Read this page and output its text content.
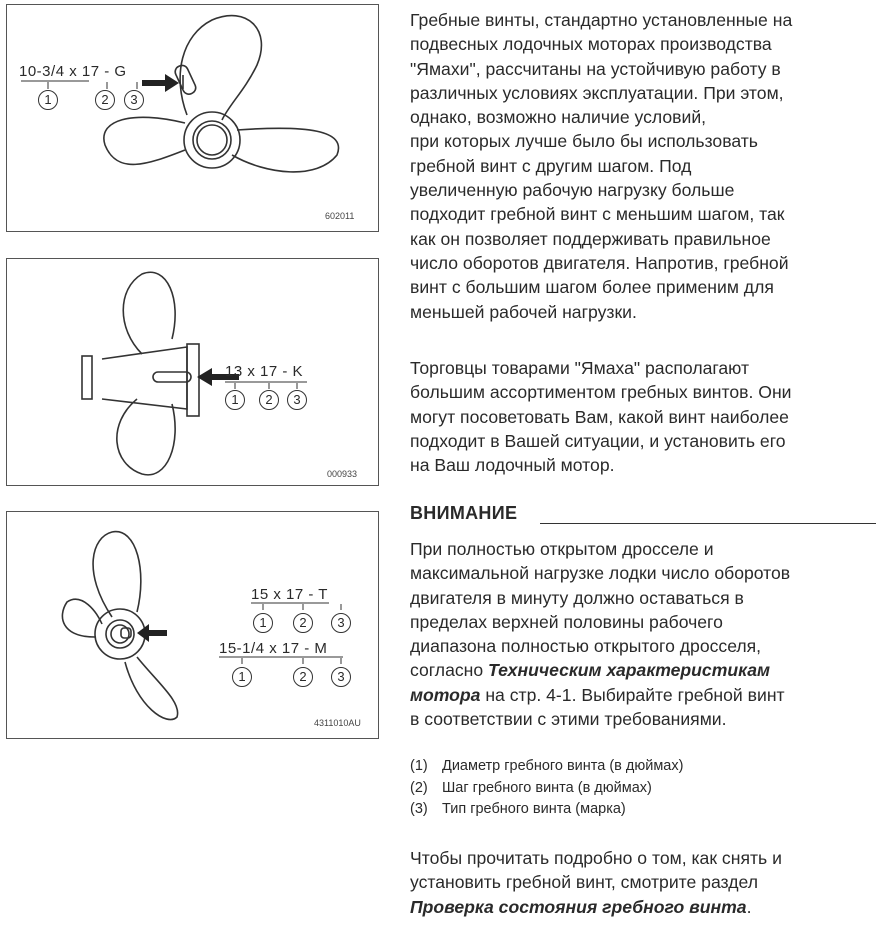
10-3/4 x 17 - G
1	2	3
602011
13 x 17 - K
1	2	3
000933
15 x 17 - T
1	2	3
15-1/4 x 17 - M
1	2	3
4311010AU

Гребные винты, стандартно установленные на

подвесных лодочных моторах производства

"Ямахи", рассчитаны на устойчивую работу в

различных условиях эксплуатации. При этом,

однако, возможно наличие условий,

при которых лучше было бы использовать

гребной винт с другим шагом. Под

увеличенную рабочую нагрузку больше

подходит гребной винт с меньшим шагом, так

как он позволяет поддерживать правильное

число оборотов двигателя. Напротив, гребной

винт с большим шагом более применим для

меньшей рабочей нагрузки.

Торговцы товарами "Ямаха" располагают

большим ассортиментом гребных винтов. Они

могут посоветовать Вам, какой винт наиболее

подходит в Вашей ситуации, и установить его

на Ваш лодочный мотор.

ВНИМАНИЕ

При полностью открытом дросселе и

максимальной нагрузке лодки число оборотов

двигателя в минуту должно оставаться в

пределах верхней половины рабочего

диапазона полностью открытого дросселя,

согласно Техническим характеристикам

мотора на стр. 4-1. Выбирайте гребной винт

в соответствии с этими требованиями.

(1) Диаметр гребного винта (в дюймах)
(2) Шаг гребного винта (в дюймах)
(3) Тип гребного винта (марка)

Чтобы прочитать подробно о том, как снять и

установить гребной винт, смотрите раздел

Проверка состояния гребного винта.
